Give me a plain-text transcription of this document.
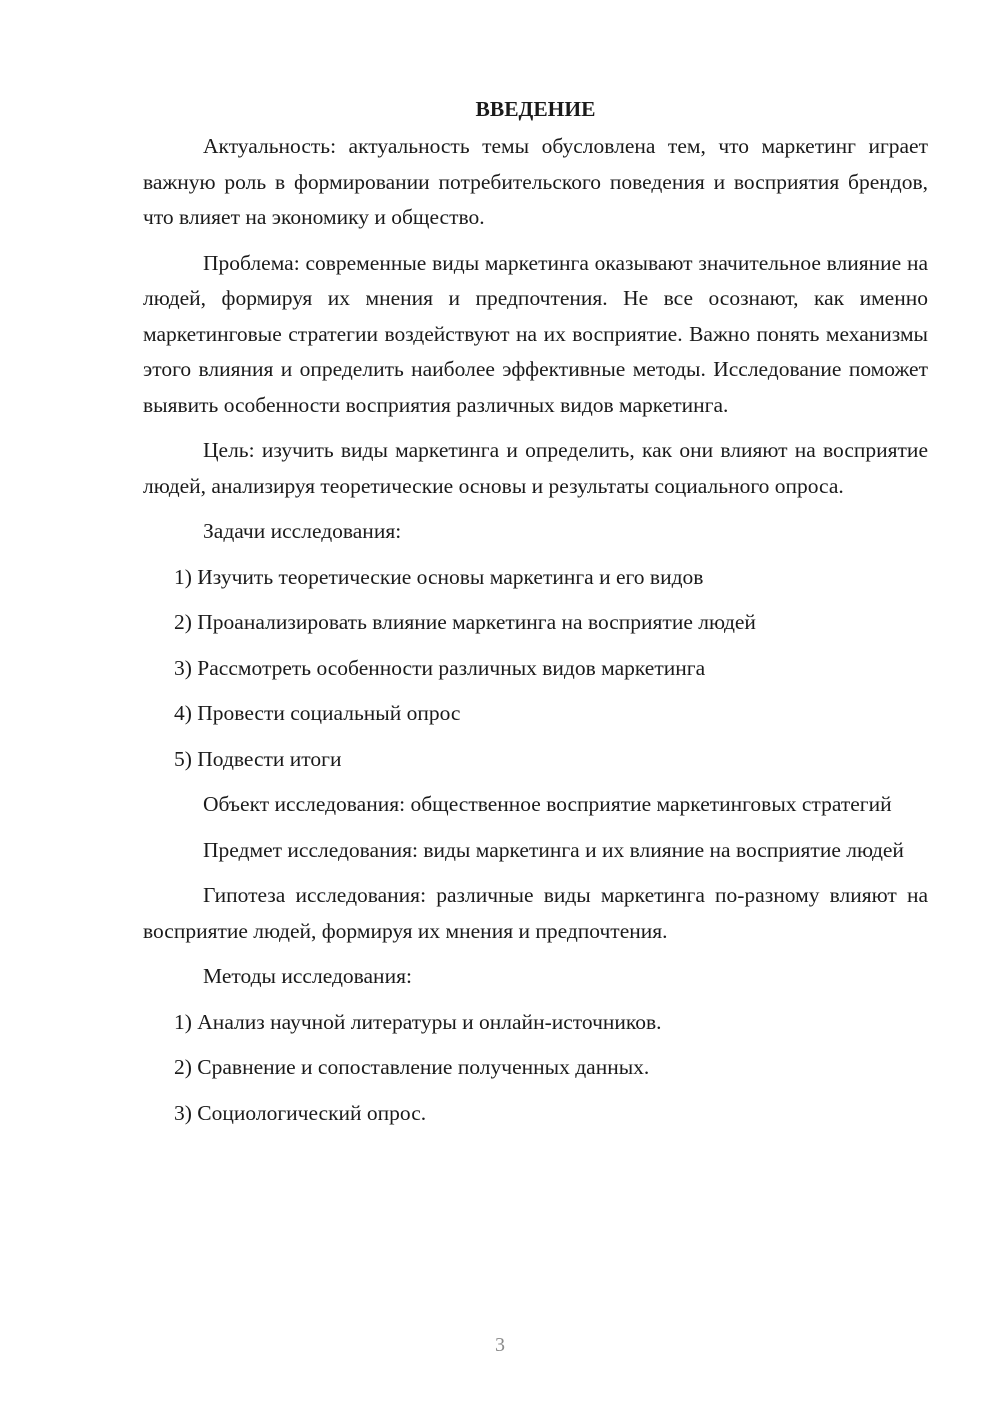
ВВЕДЕНИЕ

Актуальность: актуальность темы обусловлена тем, что маркетинг играет важную роль в формировании потребительского поведения и восприятия брендов, что влияет на экономику и общество.

Проблема: современные виды маркетинга оказывают значительное влияние на людей, формируя их мнения и предпочтения. Не все осознают, как именно маркетинговые стратегии воздействуют на их восприятие. Важно понять механизмы этого влияния и определить наиболее эффективные методы. Исследование поможет выявить особенности восприятия различных видов маркетинга.

Цель: изучить виды маркетинга и определить, как они влияют на восприятие людей, анализируя теоретические основы и результаты социального опроса.

Задачи исследования:

1) Изучить теоретические основы маркетинга и его видов
2) Проанализировать влияние маркетинга на восприятие людей
3) Рассмотреть особенности различных видов маркетинга
4) Провести социальный опрос
5) Подвести итоги

Объект исследования: общественное восприятие маркетинговых стратегий

Предмет исследования: виды маркетинга и их влияние на восприятие людей

Гипотеза исследования: различные виды маркетинга по-разному влияют на восприятие людей, формируя их мнения и предпочтения.

Методы исследования:

1) Анализ научной литературы и онлайн-источников.
2) Сравнение и сопоставление полученных данных.
3) Социологический опрос.
3
